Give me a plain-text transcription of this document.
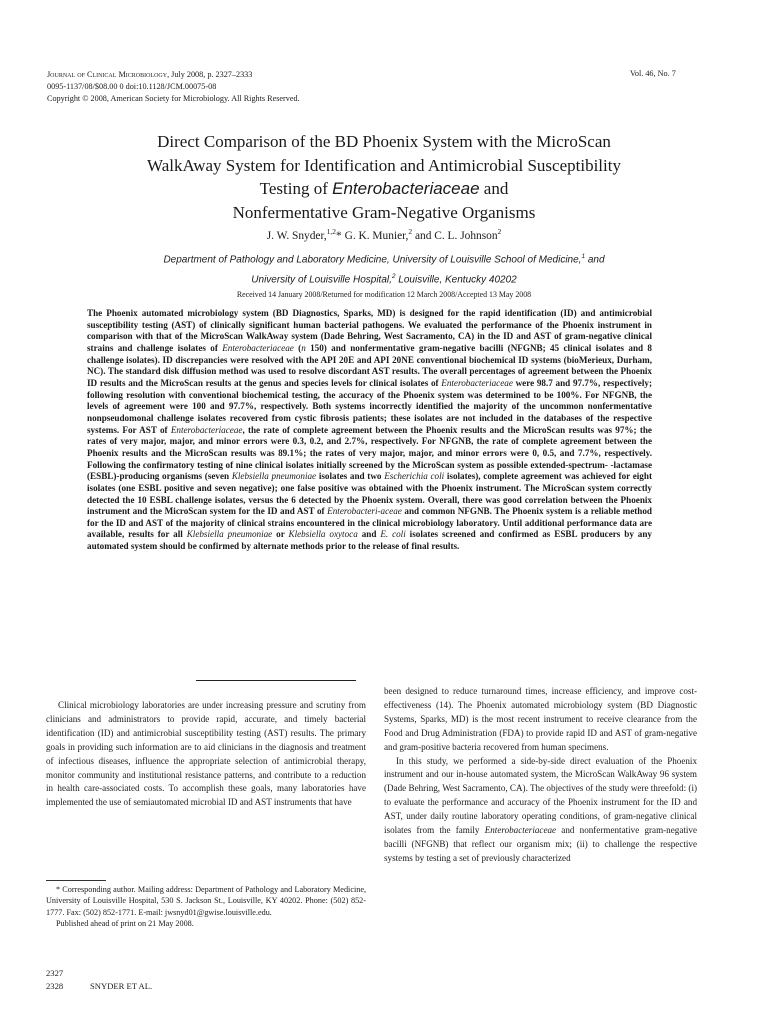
Journal of Clinical Microbiology, July 2008, p. 2327–2333
0095-1137/08/$08.00 0 doi:10.1128/JCM.00075-08
Copyright © 2008, American Society for Microbiology. All Rights Reserved.
Vol. 46, No. 7
Direct Comparison of the BD Phoenix System with the MicroScan
WalkAway System for Identification and Antimicrobial Susceptibility
Testing of Enterobacteriaceae and
Nonfermentative Gram-Negative Organisms
J. W. Snyder,$^{1,2}$* G. K. Munier,$^2$ and C. L. Johnson$^2$
Department of Pathology and Laboratory Medicine, University of Louisville School of Medicine,$^1$ and
University of Louisville Hospital,$^2$ Louisville, Kentucky 40202
Received 14 January 2008/Returned for modification 12 March 2008/Accepted 13 May 2008
The Phoenix automated microbiology system (BD Diagnostics, Sparks, MD) is designed for the rapid identification (ID) and antimicrobial susceptibility testing (AST) of clinically significant human bacterial pathogens. We evaluated the performance of the Phoenix instrument in comparison with that of the MicroScan WalkAway system (Dade Behring, West Sacramento, CA) in the ID and AST of gram-negative clinical strains and challenge isolates of Enterobacteriaceae (n 150) and nonfermentative gram-negative bacilli (NFGNB; 45 clinical isolates and 8 challenge isolates). ID discrepancies were resolved with the API 20E and API 20NE conventional biochemical ID systems (bioMerieux, Durham, NC). The standard disk diffusion method was used to resolve discordant AST results. The overall percentages of agreement between the Phoenix ID results and the MicroScan results at the genus and species levels for clinical isolates of Enterobacteriaceae were 98.7 and 97.7%, respectively; following resolution with conventional biochemical testing, the accuracy of the Phoenix system was determined to be 100%. For NFGNB, the levels of agreement were 100 and 97.7%, respectively. Both systems incorrectly identified the majority of the uncommon nonfermentative nonpseudomonal challenge isolates recovered from cystic fibrosis patients; these isolates are not included in the databases of the respective systems. For AST of Enterobacteriaceae, the rate of complete agreement between the Phoenix results and the MicroScan results was 97%; the rates of very major, major, and minor errors were 0.3, 0.2, and 2.7%, respectively. For NFGNB, the rate of complete agreement between the Phoenix results and the MicroScan results was 89.1%; the rates of very major, major, and minor errors were 0, 0.5, and 7.7%, respectively. Following the confirmatory testing of nine clinical isolates initially screened by the MicroScan system as possible extended-spectrum- -lactamase (ESBL)-producing organisms (seven Klebsiella pneumoniae isolates and two Escherichia coli isolates), complete agreement was achieved for eight isolates (one ESBL positive and seven negative); one false positive was obtained with the Phoenix instrument. The MicroScan system correctly detected the 10 ESBL challenge isolates, versus the 6 detected by the Phoenix system. Overall, there was good correlation between the Phoenix instrument and the MicroScan system for the ID and AST of Enterobacteri-aceae and common NFGNB. The Phoenix system is a reliable method for the ID and AST of the majority of clinical strains encountered in the clinical microbiology laboratory. Until additional performance data are available, results for all Klebsiella pneumoniae or Klebsiella oxytoca and E. coli isolates screened and confirmed as ESBL producers by any automated system should be confirmed by alternate methods prior to the release of final results.

Clinical microbiology laboratories are under increasing pressure and scrutiny from clinicians and administrators to provide rapid, accurate, and timely bacterial identification (ID) and antimicrobial susceptibility testing (AST) results. The primary goals in providing such information are to aid clinicians in the diagnosis and treatment of infectious diseases, influence the appropriate selection of antimicrobial therapy, monitor community and institutional resistance patterns, and contribute to a reduction in health care-associated costs. To accomplish these goals, many laboratories have implemented the use of semiautomated microbial ID and AST instruments that have

been designed to reduce turnaround times, increase efficiency, and improve cost-effectiveness (14). The Phoenix automated microbiology system (BD Diagnostic Systems, Sparks, MD) is the most recent instrument to receive clearance from the Food and Drug Administration (FDA) to provide rapid ID and AST of gram-negative and gram-positive bacteria recovered from human specimens.

In this study, we performed a side-by-side direct evaluation of the Phoenix instrument and our in-house automated system, the MicroScan WalkAway 96 system (Dade Behring, West Sacramento, CA). The objectives of the study were threefold: (i) to evaluate the performance and accuracy of the Phoenix instrument for the ID and AST, under daily routine laboratory operating conditions, of gram-negative clinical isolates from the family Enterobacteriaceae and nonfermentative gram-negative bacilli (NFGNB) that reflect our organism mix; (ii) to challenge the respective systems by testing a set of previously characterized

* Corresponding author. Mailing address: Department of Pathology and Laboratory Medicine, University of Louisville Hospital, 530 S. Jackson St., Louisville, KY 40202. Phone: (502) 852-1777. Fax: (502) 852-1771. E-mail: jwsnyd01@gwise.louisville.edu.

Published ahead of print on 21 May 2008.

2327
2328	SNYDER ET AL.
